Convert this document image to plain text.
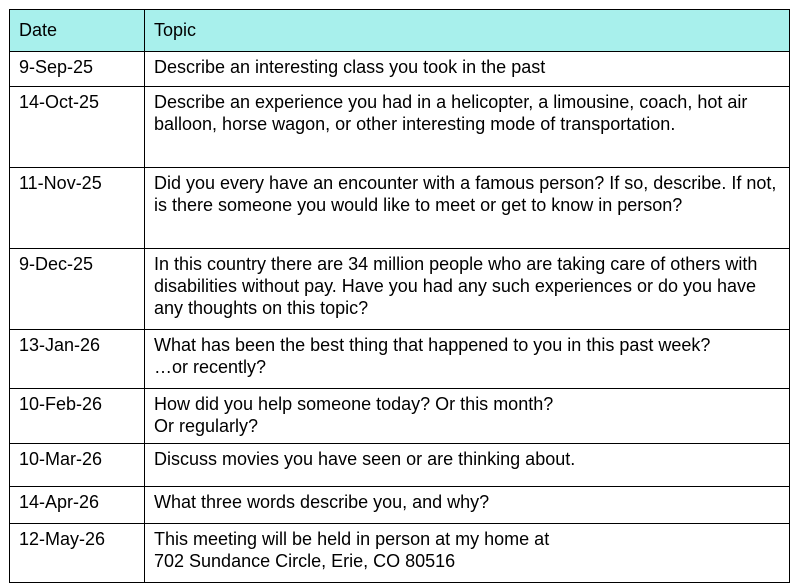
Date	Topic
9-Sep-25	Describe an interesting class you took in the past

14-Oct-25	Describe an experience you had in a helicopter, a limousine, coach, hot air balloon, horse wagon, or other interesting mode of transportation.

11-Nov-25	Did you every have an encounter with a famous person? If so, describe. If not, is there someone you would like to meet or get to know in person?

9-Dec-25	In this country there are 34 million people who are taking care of others with disabilities without pay. Have you had any such experiences or do you have any thoughts on this topic?

13-Jan-26	What has been the best thing that happened to you in this past week?
…or recently?

10-Feb-26	How did you help someone today? Or this month?
Or regularly?

10-Mar-26	Discuss movies you have seen or are thinking about.

14-Apr-26	What three words describe you, and why?

12-May-26	This meeting will be held in person at my home at
702 Sundance Circle, Erie, CO 80516
